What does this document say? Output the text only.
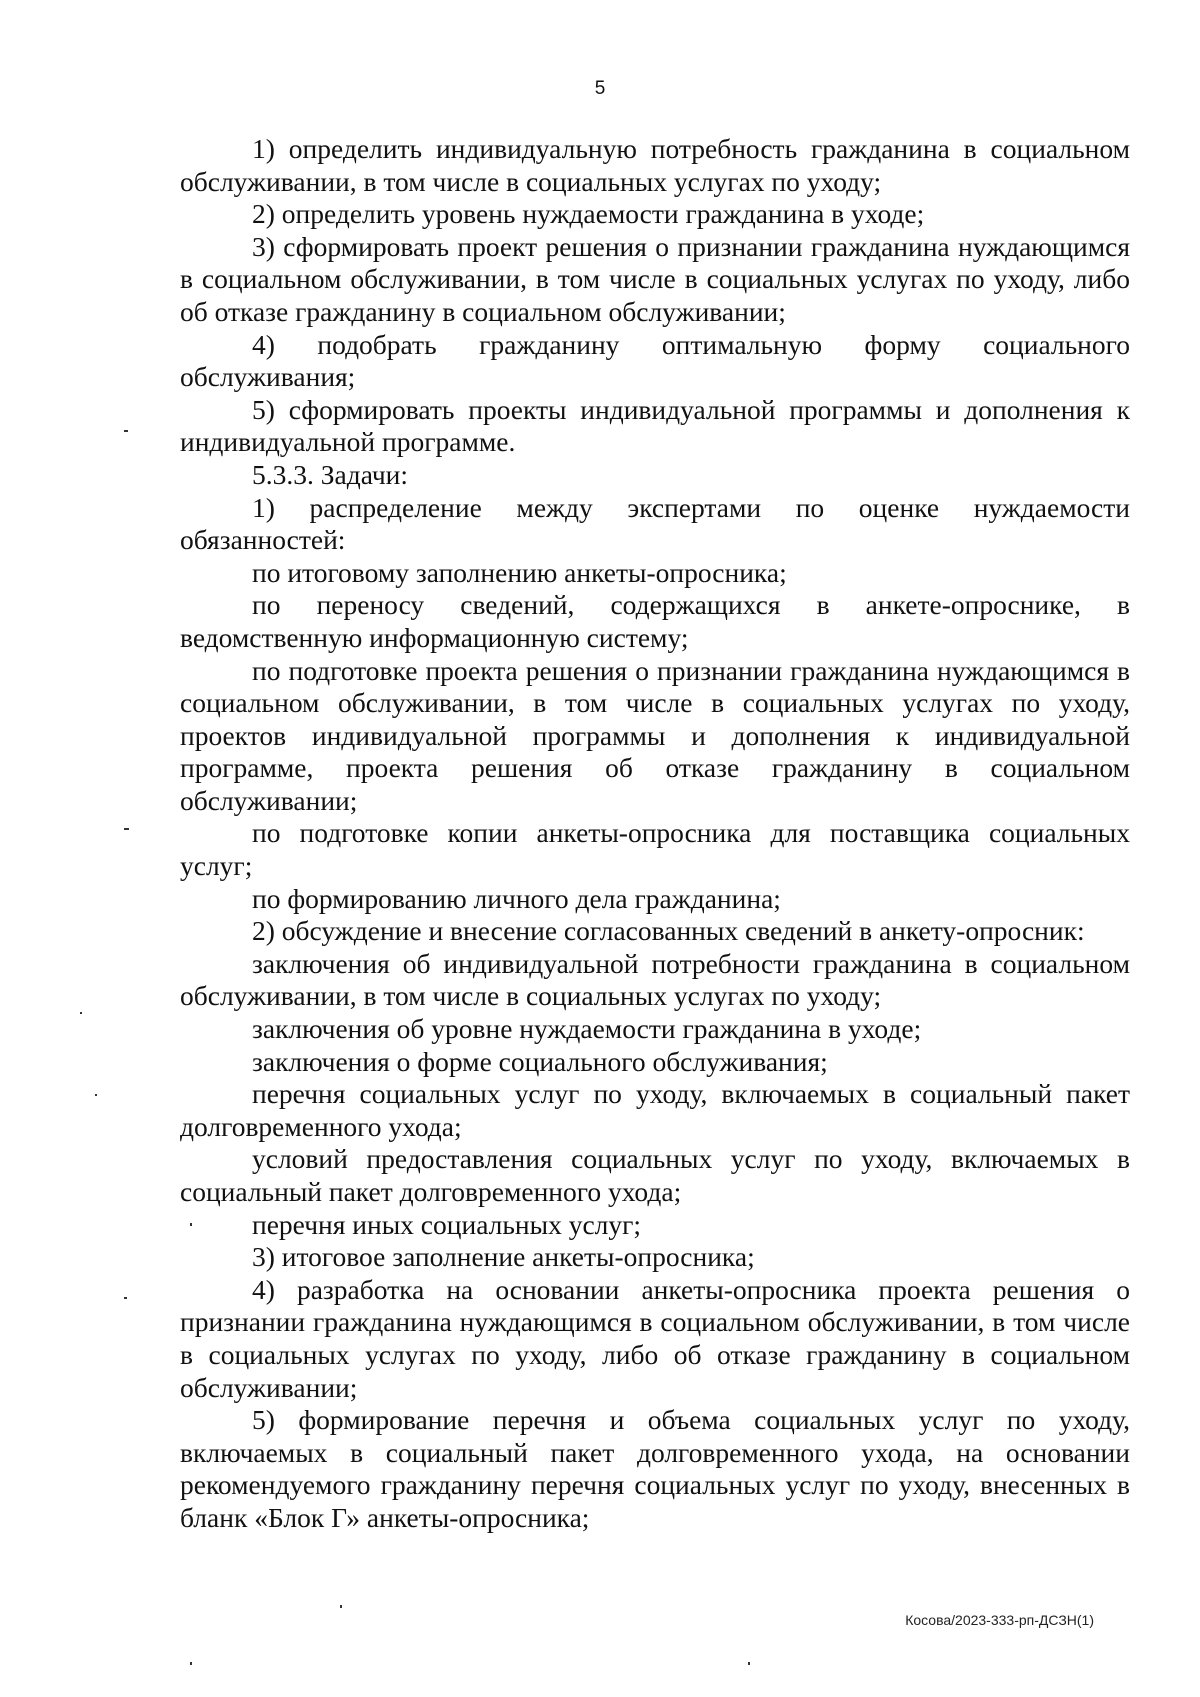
5

1) определить индивидуальную потребность гражданина в социальном обслуживании, в том числе в социальных услугах по уходу;

2) определить уровень нуждаемости гражданина в уходе;

3) сформировать проект решения о признании гражданина нуждающимся в социальном обслуживании, в том числе в социальных услугах по уходу, либо об отказе гражданину в социальном обслуживании;

4) подобрать гражданину оптимальную форму социального обслуживания;

5) сформировать проекты индивидуальной программы и дополнения к индивидуальной программе.

5.3.3. Задачи:

1) распределение между экспертами по оценке нуждаемости обязанностей:

по итоговому заполнению анкеты-опросника;

по переносу сведений, содержащихся в анкете-опроснике, в ведомственную информационную систему;

по подготовке проекта решения о признании гражданина нуждающимся в социальном обслуживании, в том числе в социальных услугах по уходу, проектов индивидуальной программы и дополнения к индивидуальной программе, проекта решения об отказе гражданину в социальном обслуживании;

по подготовке копии анкеты-опросника для поставщика социальных услуг;

по формированию личного дела гражданина;

2) обсуждение и внесение согласованных сведений в анкету-опросник:

заключения об индивидуальной потребности гражданина в социальном обслуживании, в том числе в социальных услугах по уходу;

заключения об уровне нуждаемости гражданина в уходе;

заключения о форме социального обслуживания;

перечня социальных услуг по уходу, включаемых в социальный пакет долговременного ухода;

условий предоставления социальных услуг по уходу, включаемых в социальный пакет долговременного ухода;

перечня иных социальных услуг;

3) итоговое заполнение анкеты-опросника;

4) разработка на основании анкеты-опросника проекта решения о признании гражданина нуждающимся в социальном обслуживании, в том числе в социальных услугах по уходу, либо об отказе гражданину в социальном обслуживании;

5) формирование перечня и объема социальных услуг по уходу, включаемых в социальный пакет долговременного ухода, на основании рекомендуемого гражданину перечня социальных услуг по уходу, внесенных в бланк «Блок Г» анкеты-опросника;

Косова/2023-333-рп-ДСЗН(1)
